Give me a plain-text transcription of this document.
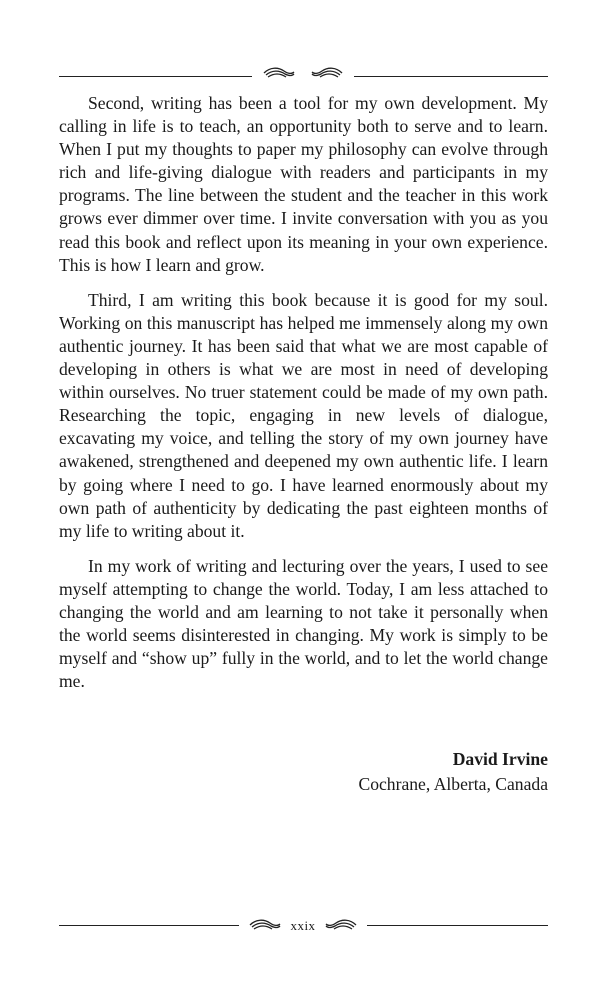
Second, writing has been a tool for my own development. My calling in life is to teach, an opportunity both to serve and to learn. When I put my thoughts to paper my philosophy can evolve through rich and life-giving dialogue with readers and participants in my programs. The line between the student and the teacher in this work grows ever dimmer over time. I invite conversation with you as you read this book and reflect upon its meaning in your own experience. This is how I learn and grow.

Third, I am writing this book because it is good for my soul. Working on this manuscript has helped me immensely along my own authentic journey. It has been said that what we are most capable of developing in others is what we are most in need of developing within ourselves. No truer statement could be made of my own path. Researching the topic, engaging in new levels of dialogue, excavating my voice, and telling the story of my own journey have awakened, strengthened and deepened my own authentic life. I learn by going where I need to go. I have learned enormously about my own path of authenticity by dedicating the past eighteen months of my life to writing about it.

In my work of writing and lecturing over the years, I used to see myself attempting to change the world. Today, I am less attached to changing the world and am learning to not take it personally when the world seems disinterested in changing. My work is simply to be myself and “show up” fully in the world, and to let the world change me.

David Irvine
Cochrane, Alberta, Canada
xxix
